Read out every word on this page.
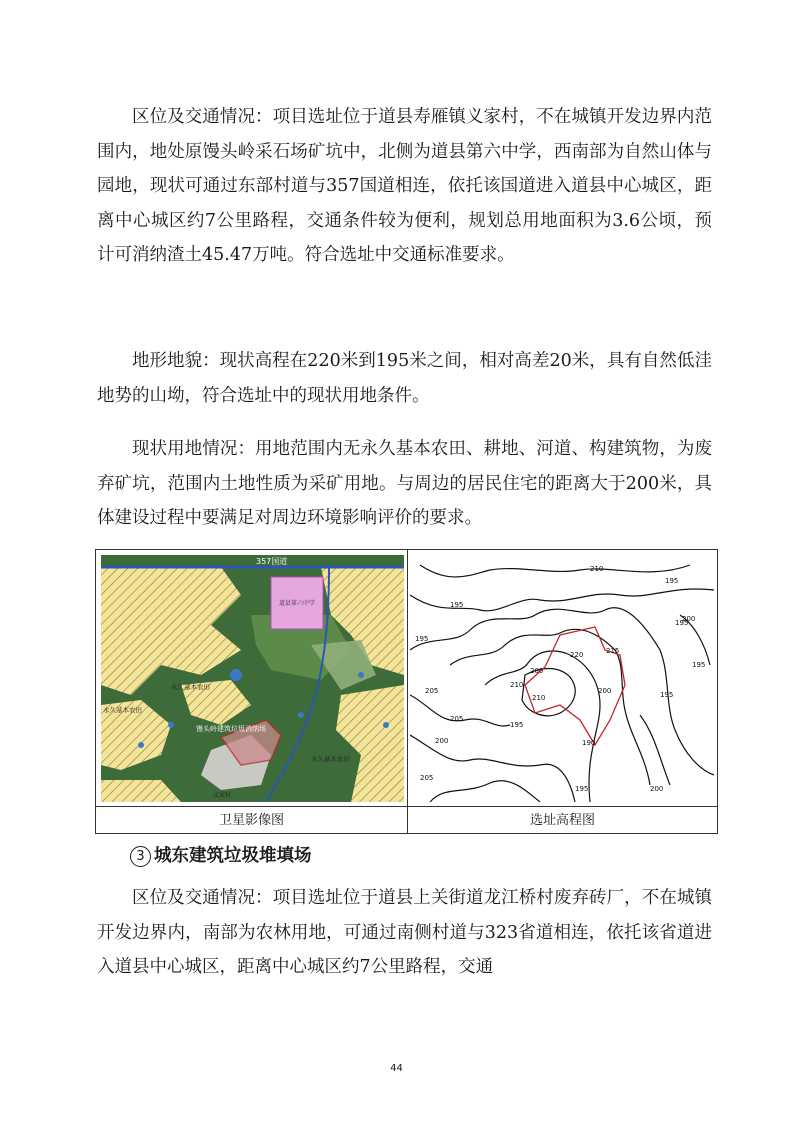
区位及交通情况：项目选址位于道县寿雁镇义家村，不在城镇开发边界内范围内，地处原馒头岭采石场矿坑中，北侧为道县第六中学，西南部为自然山体与园地，现状可通过东部村道与357国道相连，依托该国道进入道县中心城区，距离中心城区约7公里路程，交通条件较为便利，规划总用地面积为3.6公顷，预计可消纳渣土45.47万吨。符合选址中交通标准要求。

地形地貌：现状高程在220米到195米之间，相对高差20米，具有自然低洼地势的山坳，符合选址中的现状用地条件。

现状用地情况：用地范围内无永久基本农田、耕地、河道、构建筑物，为废弃矿坑，范围内土地性质为采矿用地。与周边的居民住宅的距离大于200米，具体建设过程中要满足对周边环境影响评价的要求。

357国道
道县第六中学
永久基本农田
永久基本农田
永久基本农田
馒头岭建筑垃圾消纳场
义家村
195
210
195
195
195
195
200
210
220	215
205
210
200
205
195
195
200	190
200
205
195	200
卫星影像图	选址高程图

3 城东建筑垃圾堆填场

区位及交通情况：项目选址位于道县上关街道龙江桥村废弃砖厂，不在城镇开发边界内，南部为农林用地，可通过南侧村道与323省道相连，依托该省道进入道县中心城区，距离中心城区约7公里路程，交通

44
